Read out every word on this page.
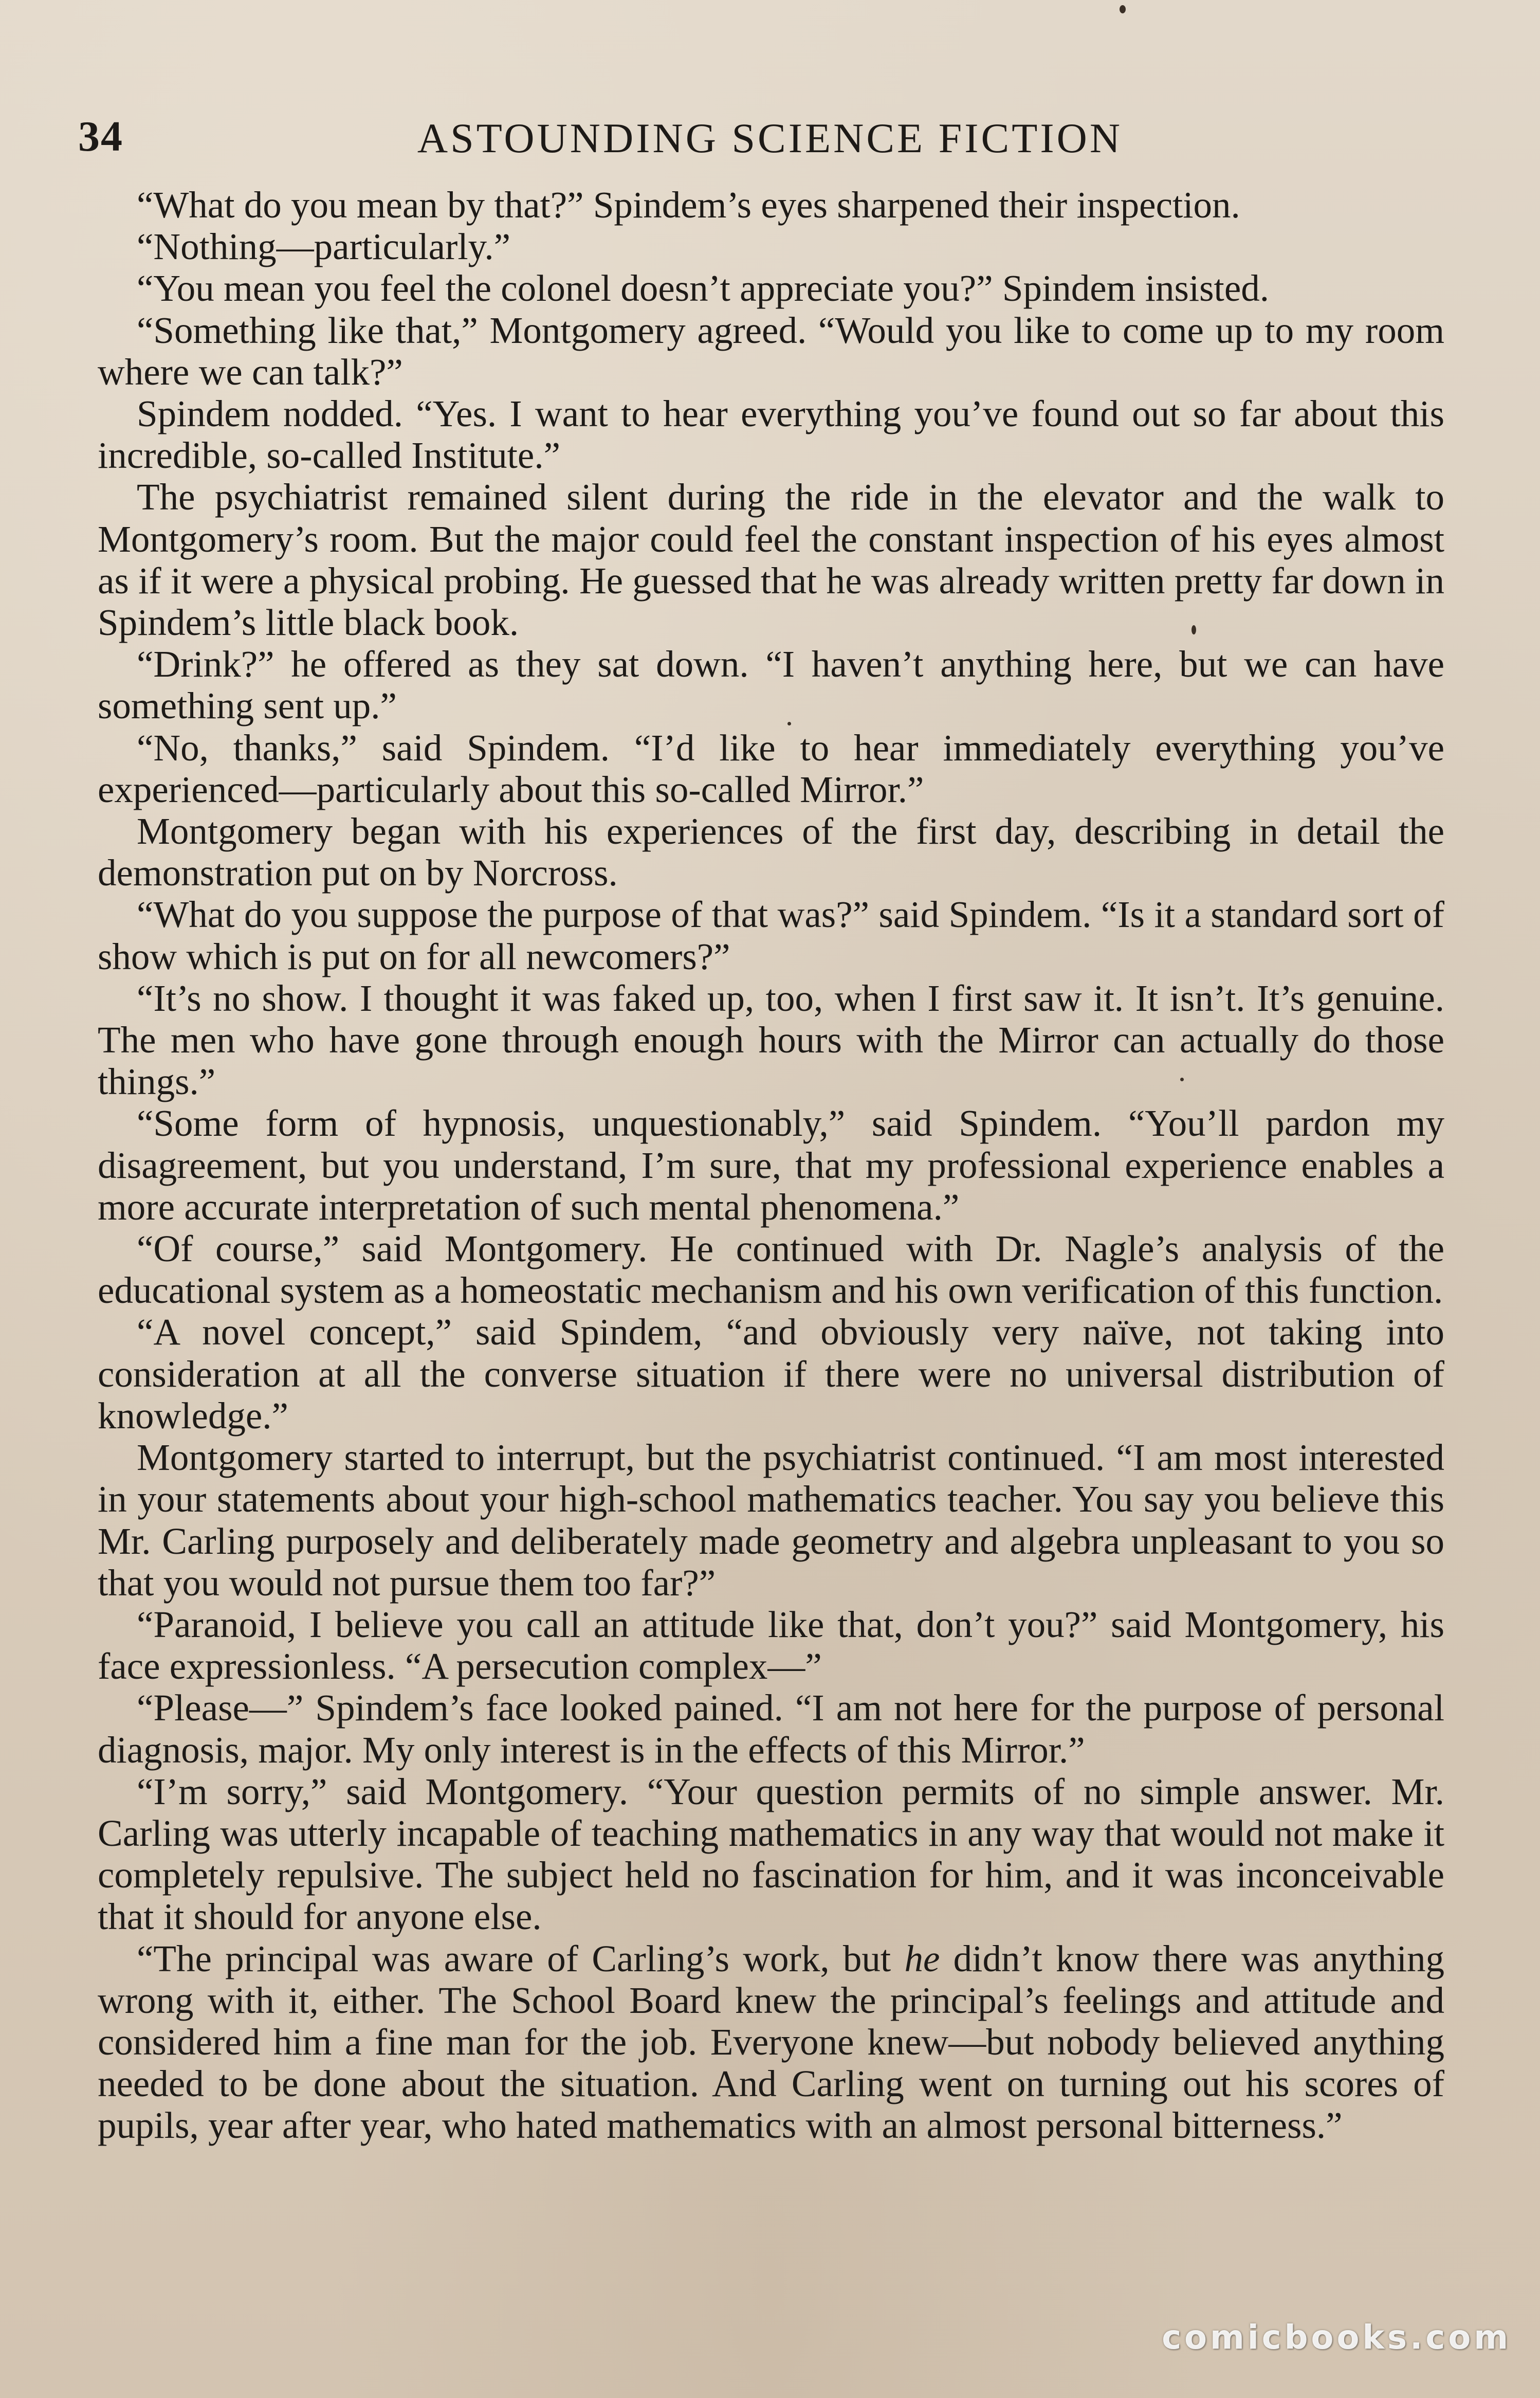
34	ASTOUNDING SCIENCE FICTION

“What do you mean by that?” Spindem’s eyes sharpened their inspection.

“Nothing—particularly.”

“You mean you feel the colonel doesn’t appreciate you?” Spindem insisted.

“Something like that,” Montgomery agreed. “Would you like to come up to my room where we can talk?”

Spindem nodded. “Yes. I want to hear everything you’ve found out so far about this incredible, so-called Institute.”

The psychiatrist remained silent during the ride in the elevator and the walk to Montgomery’s room. But the major could feel the constant inspection of his eyes almost as if it were a physical probing. He guessed that he was already written pretty far down in Spindem’s little black book.

“Drink?” he offered as they sat down. “I haven’t anything here, but we can have something sent up.”

“No, thanks,” said Spindem. “I’d like to hear immediately everything you’ve experienced—particularly about this so-called Mirror.”

Montgomery began with his experiences of the first day, describing in detail the demonstration put on by Norcross.

“What do you suppose the purpose of that was?” said Spindem. “Is it a standard sort of show which is put on for all newcomers?”

“It’s no show. I thought it was faked up, too, when I first saw it. It isn’t. It’s genuine. The men who have gone through enough hours with the Mirror can actually do those things.”

“Some form of hypnosis, unquestionably,” said Spindem. “You’ll pardon my disagreement, but you understand, I’m sure, that my professional experience enables a more accurate interpretation of such mental phenomena.”

“Of course,” said Montgomery. He continued with Dr. Nagle’s analysis of the educational system as a homeostatic mechanism and his own verification of this function.

“A novel concept,” said Spindem, “and obviously very naïve, not taking into consideration at all the converse situation if there were no universal distribution of knowledge.”

Montgomery started to interrupt, but the psychiatrist continued. “I am most interested in your statements about your high-school mathematics teacher. You say you believe this Mr. Carling purposely and deliberately made geometry and algebra unpleasant to you so that you would not pursue them too far?”

“Paranoid, I believe you call an attitude like that, don’t you?” said Montgomery, his face expressionless. “A persecution complex—”

“Please—” Spindem’s face looked pained. “I am not here for the purpose of personal diagnosis, major. My only interest is in the effects of this Mirror.”

“I’m sorry,” said Montgomery. “Your question permits of no simple answer. Mr. Carling was utterly incapable of teaching mathematics in any way that would not make it completely repulsive. The subject held no fascination for him, and it was inconceivable that it should for anyone else.

“The principal was aware of Carling’s work, but he didn’t know there was anything wrong with it, either. The School Board knew the principal’s feelings and attitude and considered him a fine man for the job. Everyone knew—but nobody believed anything needed to be done about the situation. And Carling went on turning out his scores of pupils, year after year, who hated mathematics with an almost personal bitterness.”

comicbooks.com
